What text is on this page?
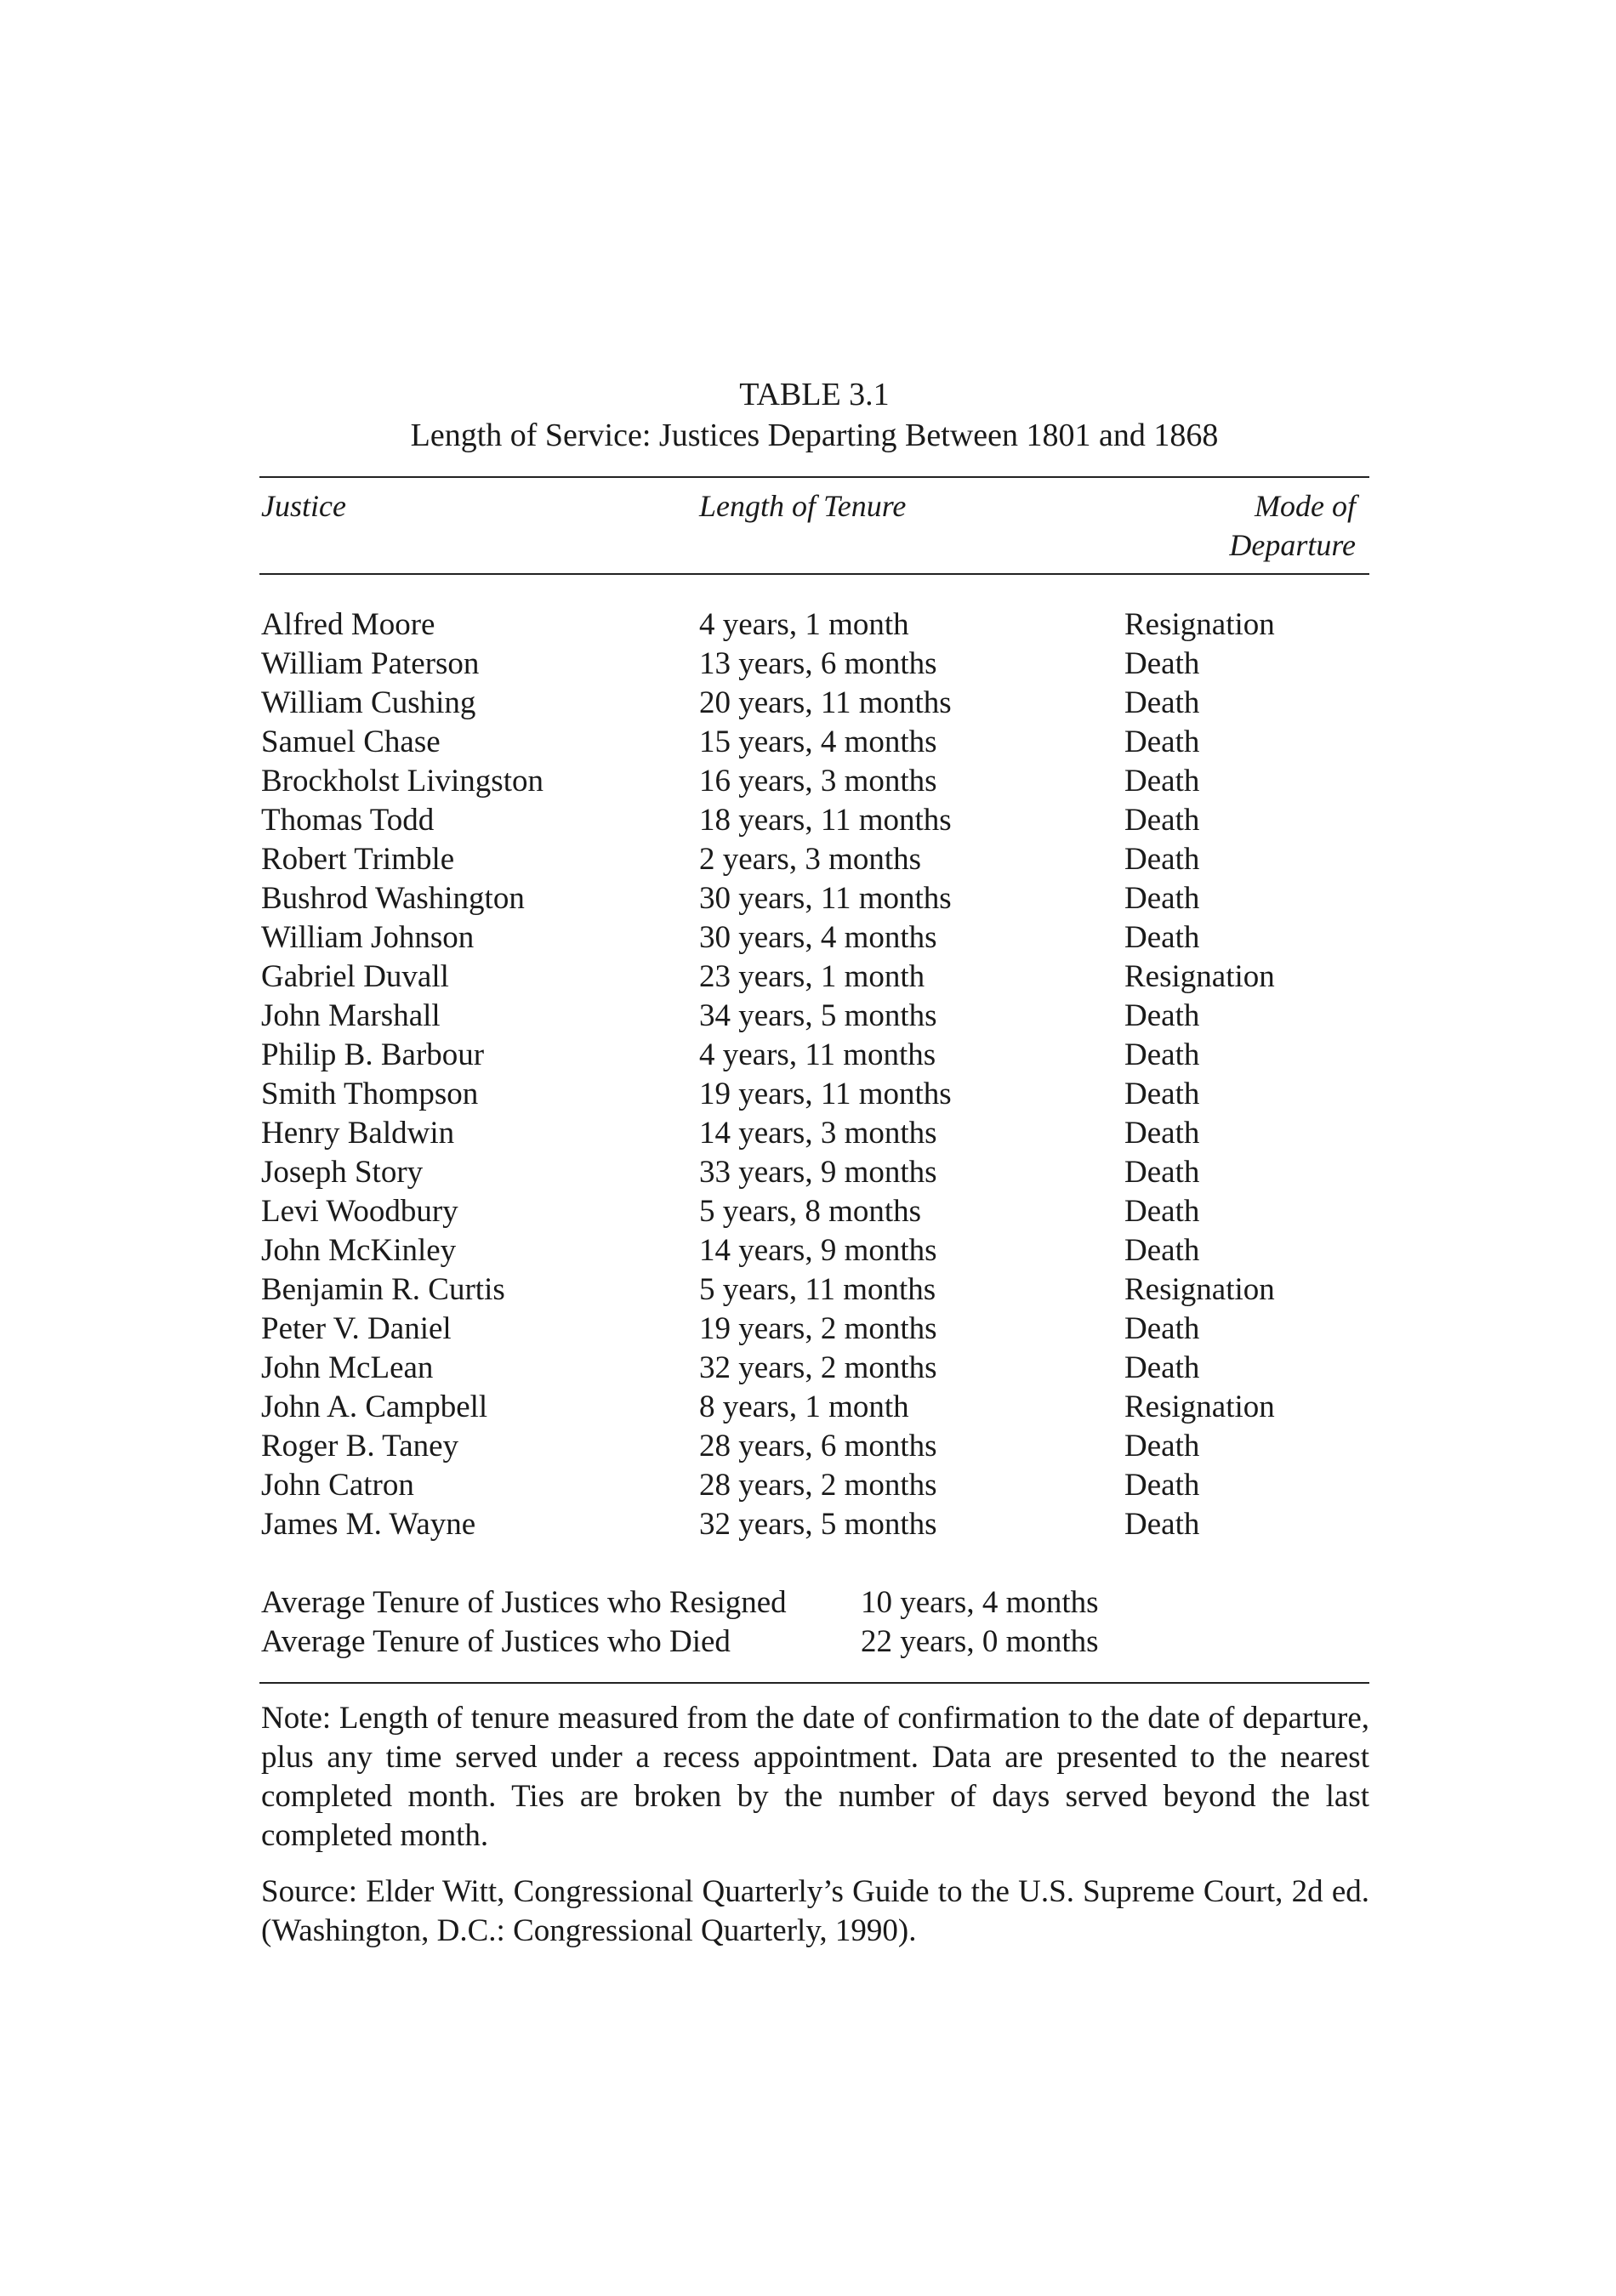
TABLE 3.1

Length of Service: Justices Departing Between 1801 and 1868

Justice	Length of Tenure	Mode of Departure
Alfred Moore	4 years, 1 month	Resignation
William Paterson	13 years, 6 months	Death
William Cushing	20 years, 11 months	Death
Samuel Chase	15 years, 4 months	Death
Brockholst Livingston	16 years, 3 months	Death
Thomas Todd	18 years, 11 months	Death
Robert Trimble	2 years, 3 months	Death
Bushrod Washington	30 years, 11 months	Death
William Johnson	30 years, 4 months	Death
Gabriel Duvall	23 years, 1 month	Resignation
John Marshall	34 years, 5 months	Death
Philip B. Barbour	4 years, 11 months	Death
Smith Thompson	19 years, 11 months	Death
Henry Baldwin	14 years, 3 months	Death
Joseph Story	33 years, 9 months	Death
Levi Woodbury	5 years, 8 months	Death
John McKinley	14 years, 9 months	Death
Benjamin R. Curtis	5 years, 11 months	Resignation
Peter V. Daniel	19 years, 2 months	Death
John McLean	32 years, 2 months	Death
John A. Campbell	8 years, 1 month	Resignation
Roger B. Taney	28 years, 6 months	Death
John Catron	28 years, 2 months	Death
James M. Wayne	32 years, 5 months	Death
Average Tenure of Justices who Resigned	10 years, 4 months
Average Tenure of Justices who Died	22 years, 0 months

Note: Length of tenure measured from the date of confirmation to the date of departure, plus any time served under a recess appointment. Data are presented to the nearest completed month. Ties are broken by the number of days served beyond the last completed month.

Source: Elder Witt, Congressional Quarterly’s Guide to the U.S. Supreme Court, 2d ed. (Washington, D.C.: Congressional Quarterly, 1990).
